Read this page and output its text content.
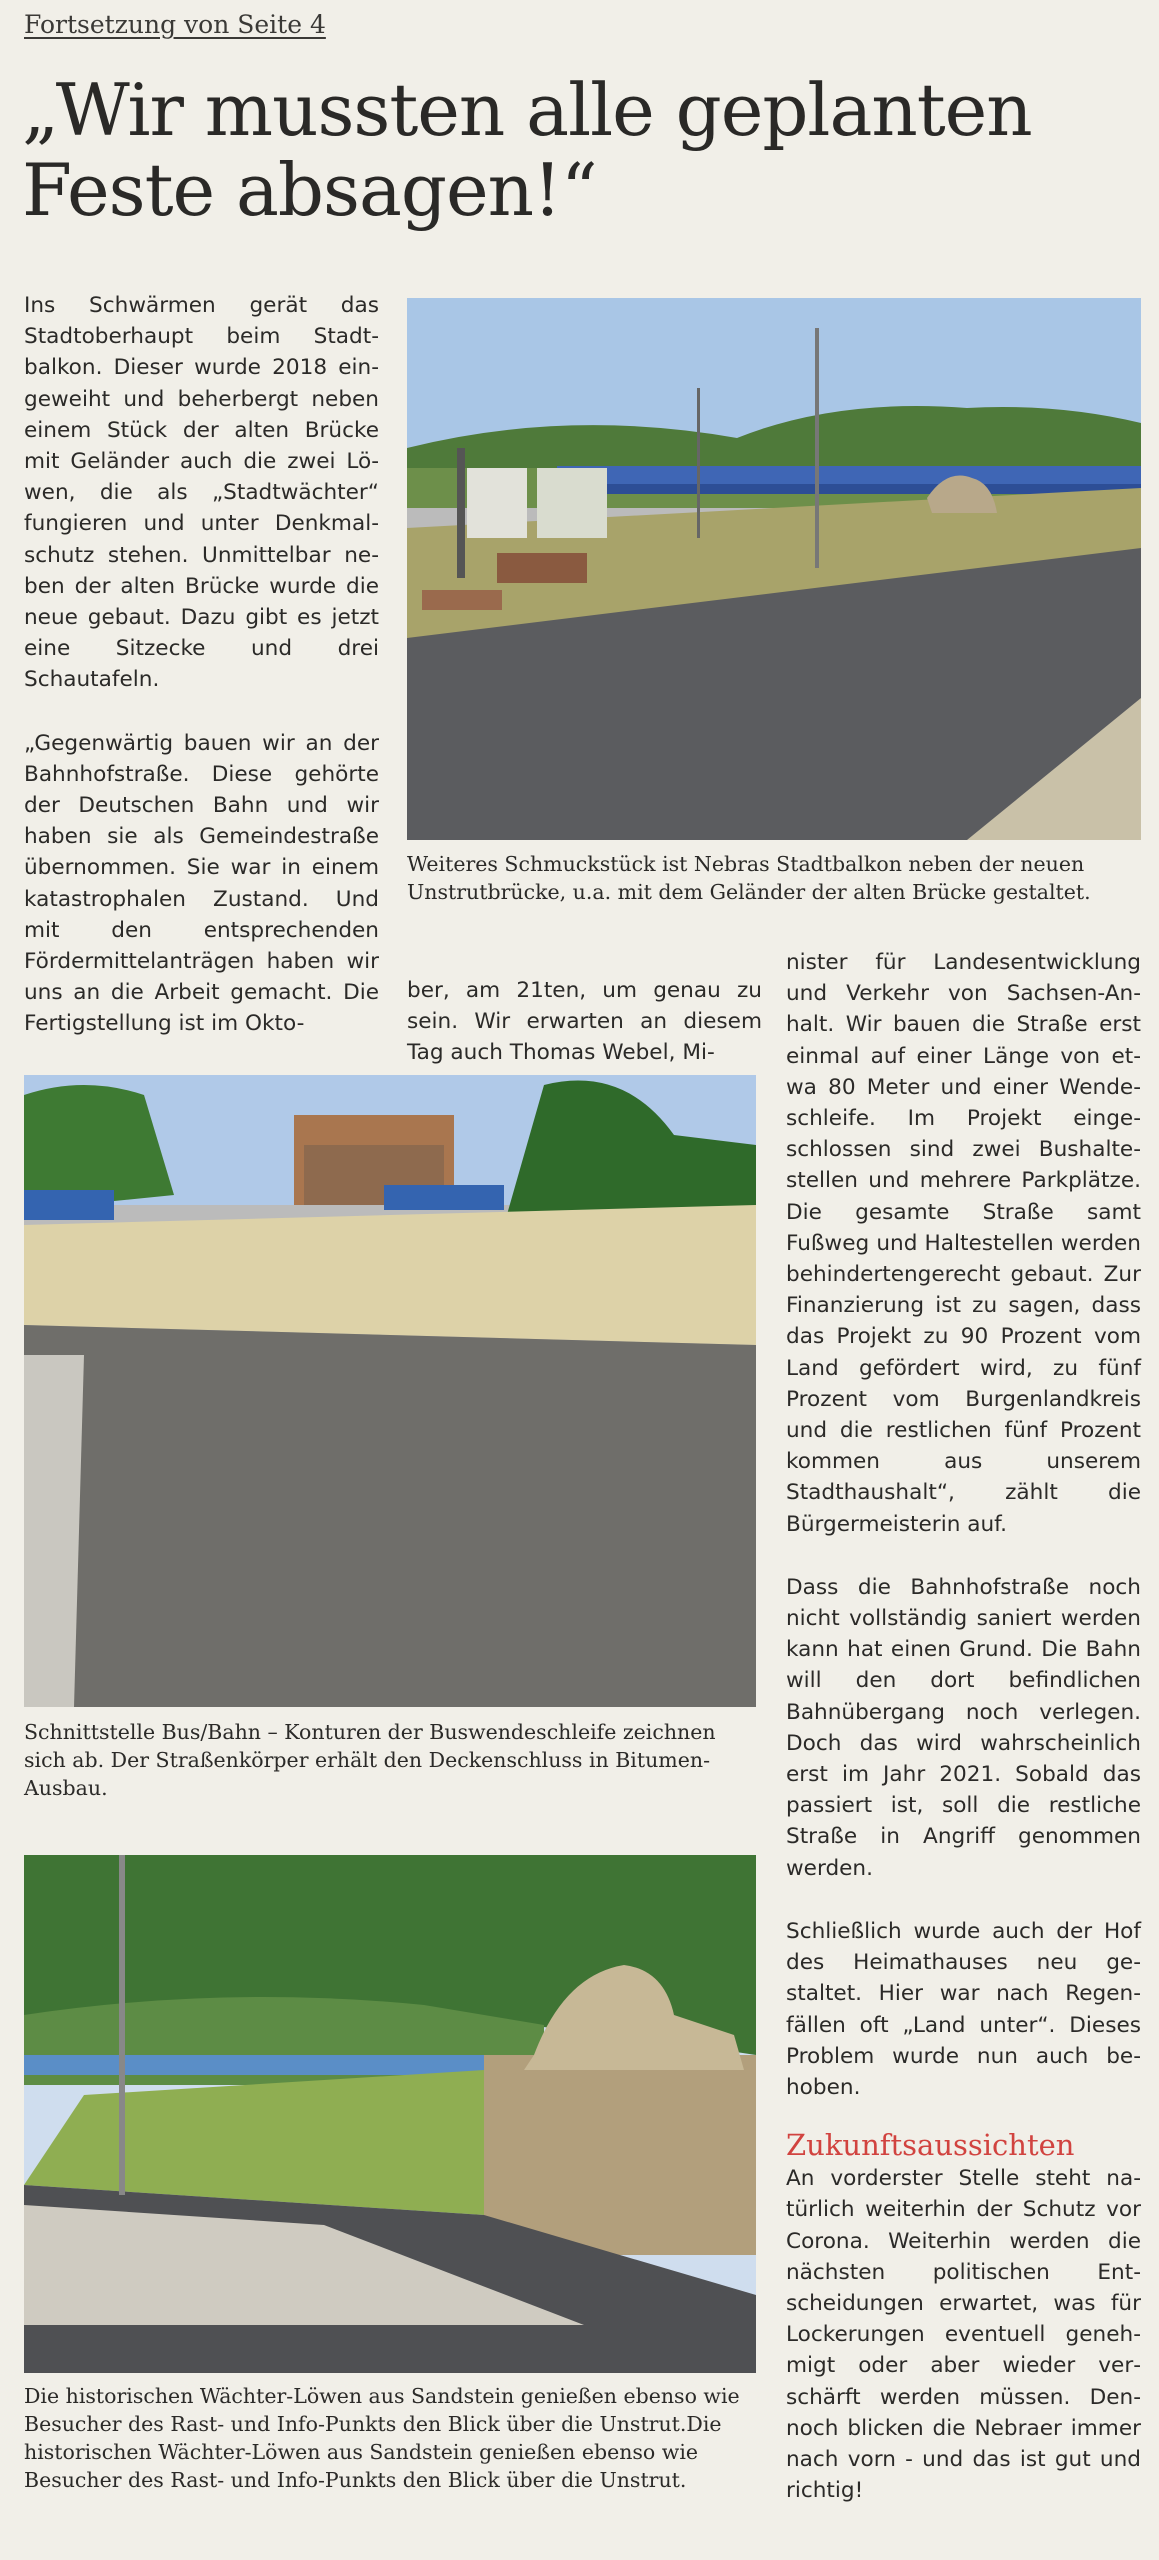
Fortsetzung von Seite 4
„Wir mussten alle geplanten Feste absagen!“
Weiteres Schmuckstück ist Nebras Stadtbalkon neben der neuen Unstrutbrücke, u.a. mit dem Geländer der alten Brücke gestaltet.

Ins Schwärmen gerät das Stadtoberhaupt beim Stadtbalkon. Dieser wurde 2018 eingeweiht und beherbergt neben einem Stück der alten Brücke mit Geländer auch die zwei Löwen, die als „Stadtwächter“ fungieren und unter Denkmalschutz stehen. Unmittelbar neben der alten Brücke wurde die neue gebaut. Dazu gibt es jetzt eine Sitzecke und drei Schautafeln.

„Gegenwärtig bauen wir an der Bahnhofstraße. Diese gehörte der Deutschen Bahn und wir haben sie als Gemeindestraße übernommen. Sie war in einem katastrophalen Zustand. Und mit den entsprechenden Fördermittelanträgen haben wir uns an die Arbeit gemacht. Die Fertigstellung ist im Okto-

ber, am 21ten, um genau zu sein. Wir erwarten an diesem Tag auch Thomas Webel, Mi-

Schnittstelle Bus/Bahn – Konturen der Buswendeschleife zeichnen sich ab. Der Straßenkörper erhält den Deckenschluss in Bitumen-Ausbau.
Die historischen Wächter-Löwen aus Sandstein genießen ebenso wie Besucher des Rast- und Info-Punkts den Blick über die Unstrut.Die historischen Wächter-Löwen aus Sandstein genießen ebenso wie Besucher des Rast- und Info-Punkts den Blick über die Unstrut.

nister für Landesentwicklung und Verkehr von Sachsen-Anhalt. Wir bauen die Straße erst einmal auf einer Länge von etwa 80 Meter und einer Wendeschleife. Im Projekt eingeschlossen sind zwei Bushaltestellen und mehrere Parkplätze. Die gesamte Straße samt Fußweg und Haltestellen werden behindertengerecht gebaut. Zur Finanzierung ist zu sagen, dass das Projekt zu 90 Prozent vom Land gefördert wird, zu fünf Prozent vom Burgenlandkreis und die restlichen fünf Prozent kommen aus unserem Stadthaushalt“, zählt die Bürgermeisterin auf.

Dass die Bahnhofstraße noch nicht vollständig saniert werden kann hat einen Grund. Die Bahn will den dort befindlichen Bahnübergang noch verlegen. Doch das wird wahrscheinlich erst im Jahr 2021. Sobald das passiert ist, soll die restliche Straße in Angriff genommen werden.

Schließlich wurde auch der Hof des Heimathauses neu gestaltet. Hier war nach Regenfällen oft „Land unter“. Dieses Problem wurde nun auch behoben.

Zukunftsaussichten

An vorderster Stelle steht natürlich weiterhin der Schutz vor Corona. Weiterhin werden die nächsten politischen Entscheidungen erwartet, was für Lockerungen eventuell genehmigt oder aber wieder verschärft werden müssen. Dennoch blicken die Nebraer immer nach vorn - und das ist gut und richtig!
